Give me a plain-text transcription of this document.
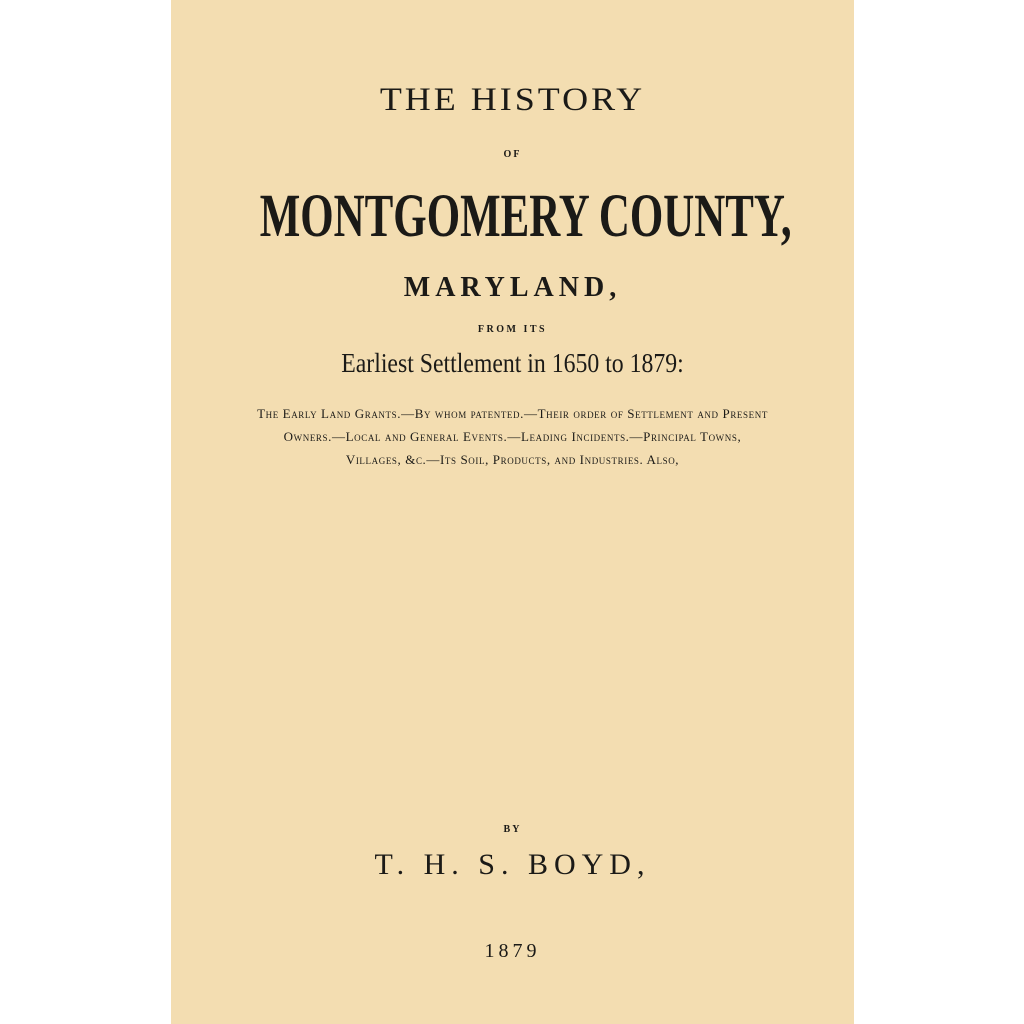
THE HISTORY

OF

MONTGOMERY COUNTY,

MARYLAND,

FROM ITS

Earliest Settlement in 1650 to 1879:

The Early Land Grants.—By whom patented.—Their order of Settlement and Present Owners.—Local and General Events.—Leading Incidents.—Principal Towns, Villages, &c.—Its Soil, Products, and Industries. Also,

BY

T. H. S. BOYD,

1879
